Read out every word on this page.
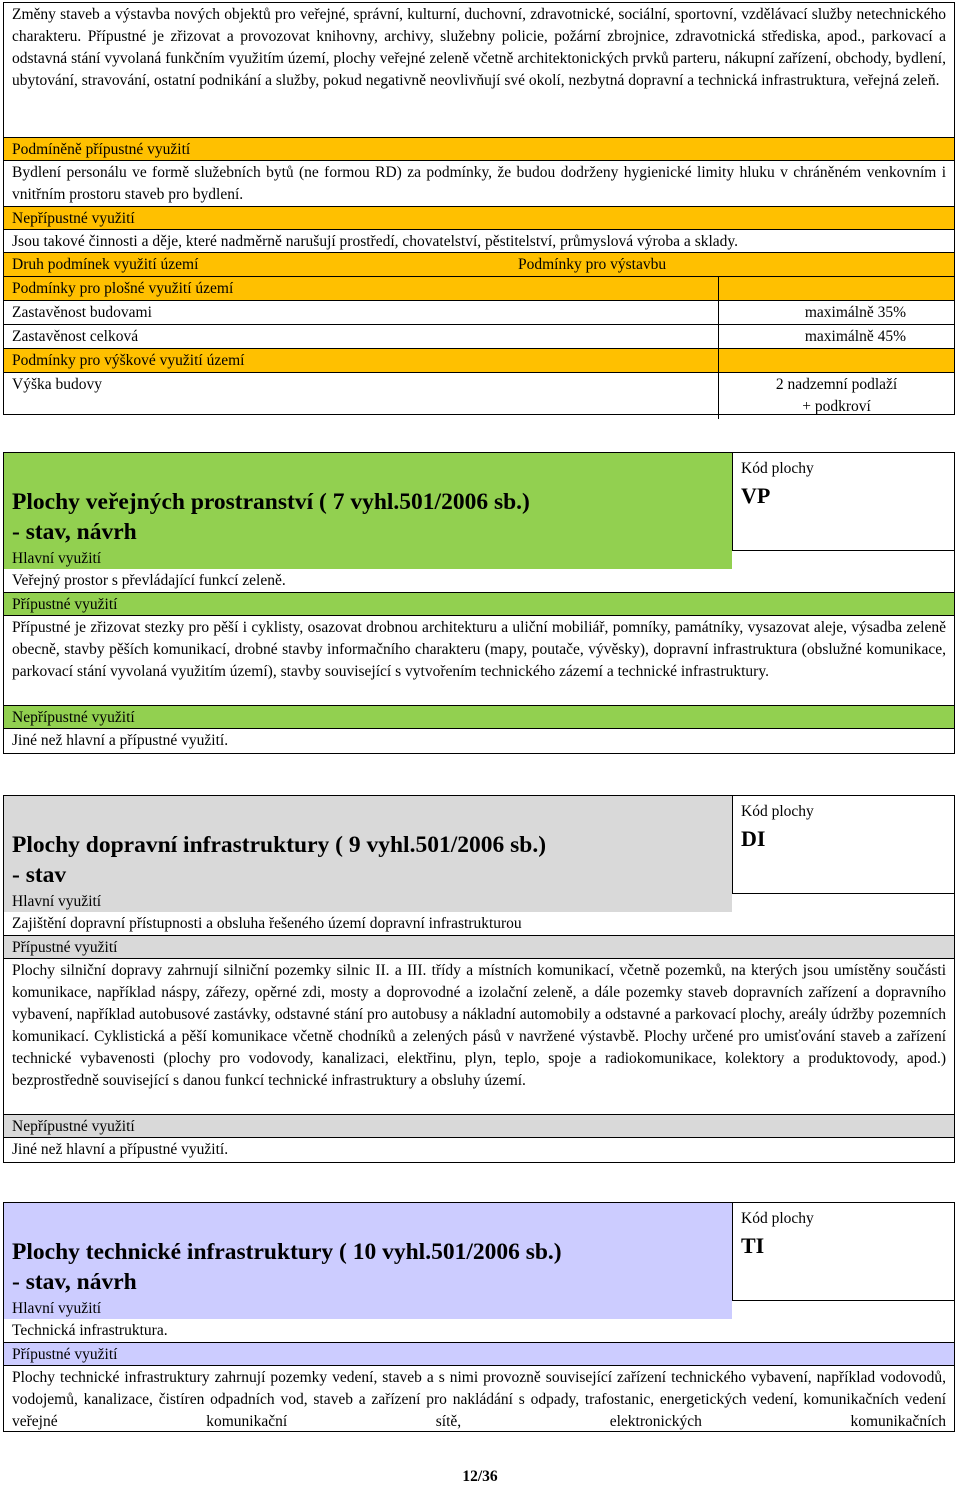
Změny staveb a výstavba nových objektů pro veřejné, správní, kulturní, duchovní, zdravotnické, sociální, sportovní, vzdělávací služby netechnického charakteru. Přípustné je zřizovat a provozovat knihovny, archivy, služebny policie, požární zbrojnice, zdravotnická střediska, apod., parkovací a odstavná stání vyvolaná funkčním využitím území, plochy veřejné zeleně včetně architektonických prvků parteru, nákupní zařízení, obchody, bydlení, ubytování, stravování, ostatní podnikání a služby, pokud negativně neovlivňují své okolí, nezbytná dopravní a technická infrastruktura, veřejná zeleň.
Podmíněně přípustné využití
Bydlení personálu ve formě služebních bytů (ne formou RD) za podmínky, že budou dodrženy hygienické limity hluku v chráněném venkovním i vnitřním prostoru staveb pro bydlení.
Nepřípustné využití
Jsou takové činnosti a děje, které nadměrně narušují prostředí, chovatelství, pěstitelství, průmyslová výroba a sklady.
Druh podmínek využití území	Podmínky pro výstavbu
Podmínky pro plošné využití území
Zastavěnost budovami	maximálně 35%
Zastavěnost celková	maximálně 45%
Podmínky pro výškové využití území
Výška budovy	2 nadzemní podlaží
+ podkroví
Plochy veřejných prostranství ( 7 vyhl.501/2006 sb.)
- stav, návrh
Kód plochy
VP
Hlavní využití
Veřejný prostor s převládající funkcí zeleně.
Přípustné využití
Přípustné je zřizovat stezky pro pěší i cyklisty, osazovat drobnou architekturu a uliční mobiliář, pomníky, památníky, vysazovat aleje, výsadba zeleně obecně, stavby pěších komunikací, drobné stavby informačního charakteru (mapy, poutače, vývěsky), dopravní infrastruktura (obslužné komunikace, parkovací stání vyvolaná využitím území), stavby související s vytvořením technického zázemí a technické infrastruktury.
Nepřípustné využití
Jiné než hlavní a přípustné využití.
Plochy dopravní infrastruktury ( 9 vyhl.501/2006 sb.)
- stav
Kód plochy
DI
Hlavní využití
Zajištění dopravní přístupnosti a obsluha řešeného území dopravní infrastrukturou
Přípustné využití
Plochy silniční dopravy zahrnují silniční pozemky silnic II. a III. třídy a místních komunikací, včetně pozemků, na kterých jsou umístěny součásti komunikace, například náspy, zářezy, opěrné zdi, mosty a doprovodné a izolační zeleně, a dále pozemky staveb dopravních zařízení a dopravního vybavení, například autobusové zastávky, odstavné stání pro autobusy a nákladní automobily a odstavné a parkovací plochy, areály údržby pozemních komunikací. Cyklistická a pěší komunikace včetně chodníků a zelených pásů v navržené výstavbě. Plochy určené pro umisťování staveb a zařízení technické vybavenosti (plochy pro vodovody, kanalizaci, elektřinu, plyn, teplo, spoje a radiokomunikace, kolektory a produktovody, apod.) bezprostředně související s danou funkcí technické infrastruktury a obsluhy území.
Nepřípustné využití
Jiné než hlavní a přípustné využití.
Plochy technické infrastruktury ( 10 vyhl.501/2006 sb.)
- stav, návrh
Kód plochy
TI
Hlavní využití
Technická infrastruktura.
Přípustné využití
Plochy technické infrastruktury zahrnují pozemky vedení, staveb a s nimi provozně související zařízení technického vybavení, například vodovodů, vodojemů, kanalizace, čistíren odpadních vod, staveb a zařízení pro nakládání s odpady, trafostanic, energetických vedení, komunikačních vedení veřejné komunikační sítě, elektronických komunikačních
12/36
